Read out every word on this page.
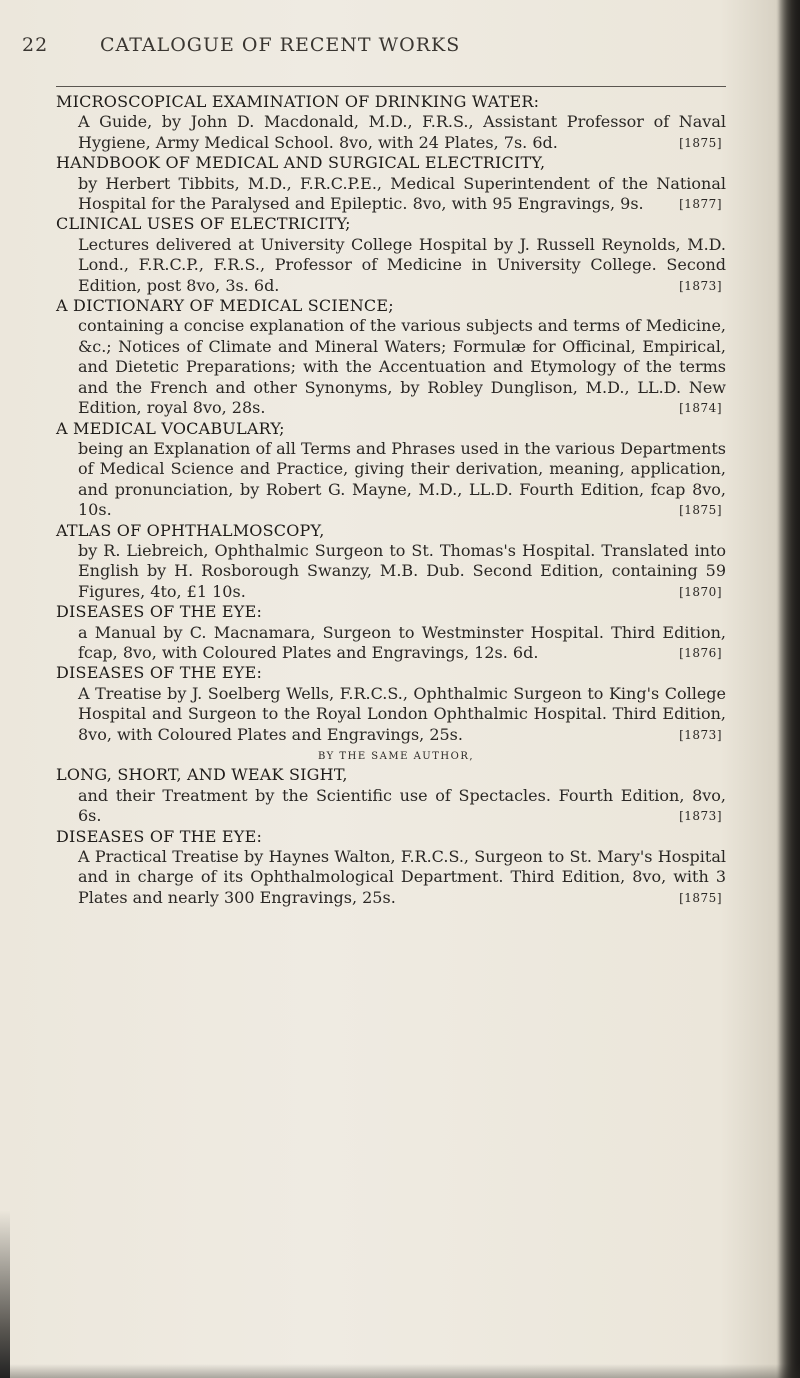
22	CATALOGUE OF RECENT WORKS
MICROSCOPICAL EXAMINATION OF DRINKING WATER:
A Guide, by John D. Macdonald, M.D., F.R.S., Assistant Professor of Naval Hygiene, Army Medical School. 8vo, with 24 Plates, 7s. 6d.	[1875]
HANDBOOK OF MEDICAL AND SURGICAL ELECTRICITY,
by Herbert Tibbits, M.D., F.R.C.P.E., Medical Superintendent of the National Hospital for the Paralysed and Epileptic. 8vo, with 95 Engravings, 9s.	[1877]
CLINICAL USES OF ELECTRICITY;
Lectures delivered at University College Hospital by J. Russell Reynolds, M.D. Lond., F.R.C.P., F.R.S., Professor of Medicine in University College. Second Edition, post 8vo, 3s. 6d.	[1873]
A DICTIONARY OF MEDICAL SCIENCE;
containing a concise explanation of the various subjects and terms of Medicine, &c.; Notices of Climate and Mineral Waters; Formulæ for Officinal, Empirical, and Dietetic Preparations; with the Accentuation and Etymology of the terms and the French and other Synonyms, by Robley Dunglison, M.D., LL.D. New Edition, royal 8vo, 28s.	[1874]
A MEDICAL VOCABULARY;
being an Explanation of all Terms and Phrases used in the various Departments of Medical Science and Practice, giving their derivation, meaning, application, and pronunciation, by Robert G. Mayne, M.D., LL.D. Fourth Edition, fcap 8vo, 10s.	[1875]
ATLAS OF OPHTHALMOSCOPY,
by R. Liebreich, Ophthalmic Surgeon to St. Thomas's Hospital. Translated into English by H. Rosborough Swanzy, M.B. Dub. Second Edition, containing 59 Figures, 4to, £1 10s.	[1870]
DISEASES OF THE EYE:
a Manual by C. Macnamara, Surgeon to Westminster Hospital. Third Edition, fcap, 8vo, with Coloured Plates and Engravings, 12s. 6d.	[1876]
DISEASES OF THE EYE:
A Treatise by J. Soelberg Wells, F.R.C.S., Ophthalmic Surgeon to King's College Hospital and Surgeon to the Royal London Ophthalmic Hospital. Third Edition, 8vo, with Coloured Plates and Engravings, 25s.	[1873]
BY THE SAME AUTHOR,
LONG, SHORT, AND WEAK SIGHT,
and their Treatment by the Scientific use of Spectacles. Fourth Edition, 8vo, 6s.	[1873]
DISEASES OF THE EYE:
A Practical Treatise by Haynes Walton, F.R.C.S., Surgeon to St. Mary's Hospital and in charge of its Ophthalmological Department. Third Edition, 8vo, with 3 Plates and nearly 300 Engravings, 25s.	[1875]
